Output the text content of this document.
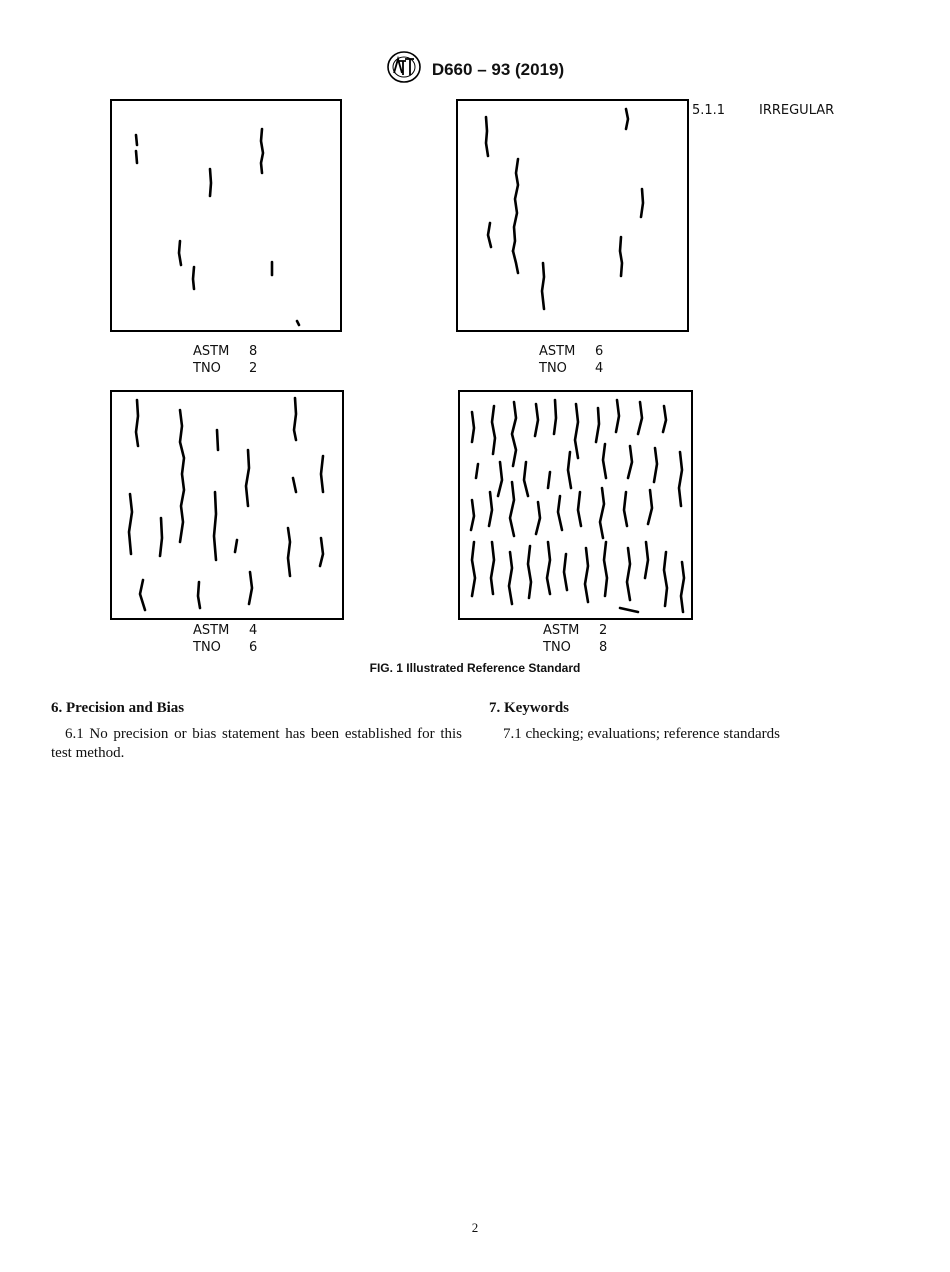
D660 – 93 (2019)
ASTM	8
TNO	2
ASTM	6
TNO	4
5.1.1	IRREGULAR
ASTM	4
TNO	6
ASTM	2
TNO	8
FIG. 1 Illustrated Reference Standard
6. Precision and Bias

6.1 No precision or bias statement has been established for this test method.

7. Keywords

7.1 checking; evaluations; reference standards

2
